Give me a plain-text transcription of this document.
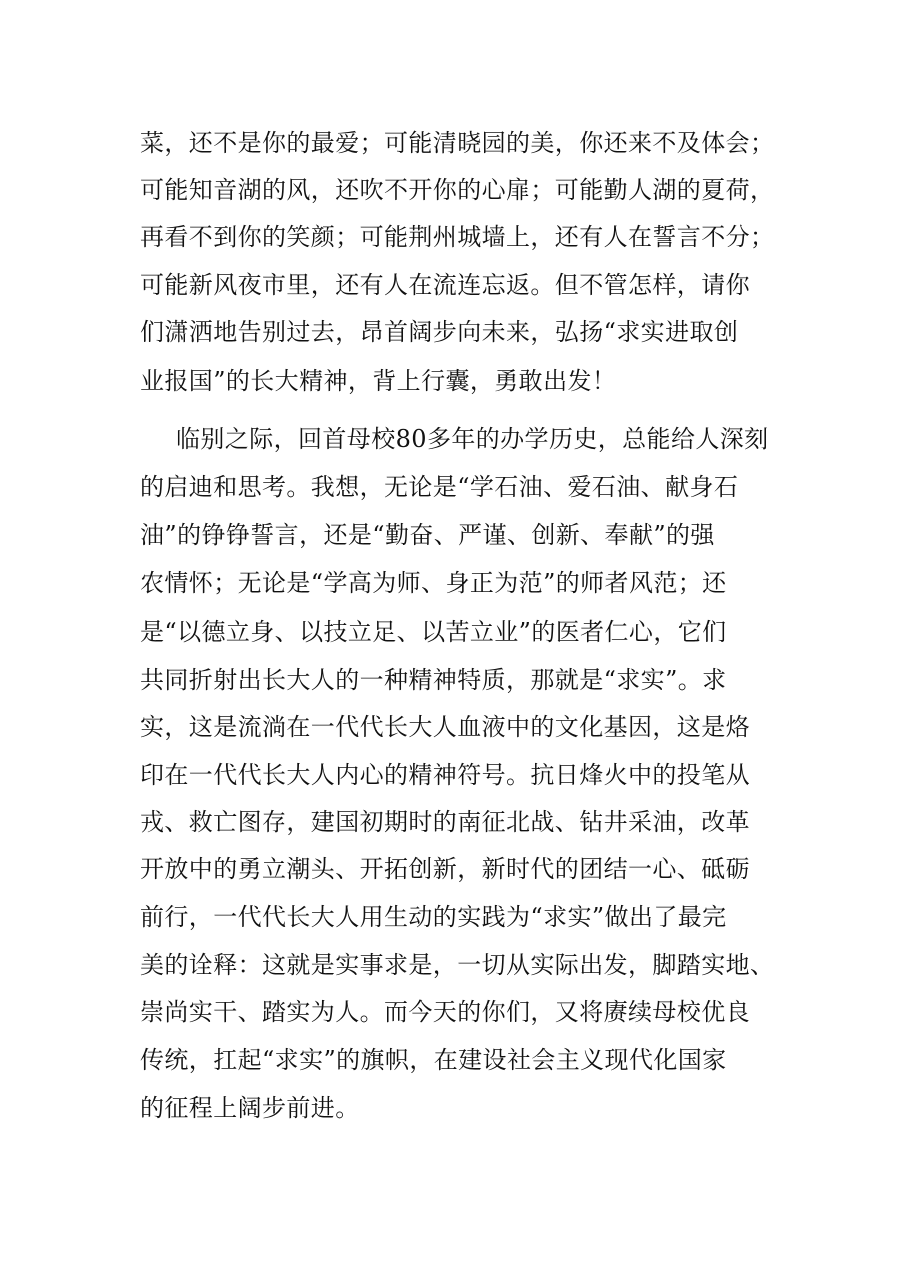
菜，还不是你的最爱；可能清晓园的美，你还来不及体会；
可能知音湖的风，还吹不开你的心扉；可能勤人湖的夏荷，
再看不到你的笑颜；可能荆州城墙上，还有人在誓言不分；
可能新风夜市里，还有人在流连忘返。但不管怎样，请你
们潇洒地告别过去，昂首阔步向未来，弘扬“求实进取创
业报国”的长大精神，背上行囊，勇敢出发！
临别之际，回首母校80多年的办学历史，总能给人深刻
的启迪和思考。我想，无论是“学石油、爱石油、献身石
油”的铮铮誓言，还是“勤奋、严谨、创新、奉献”的强
农情怀；无论是“学高为师、身正为范”的师者风范；还
是“以德立身、以技立足、以苦立业”的医者仁心，它们
共同折射出长大人的一种精神特质，那就是“求实”。求
实，这是流淌在一代代长大人血液中的文化基因，这是烙
印在一代代长大人内心的精神符号。抗日烽火中的投笔从
戎、救亡图存，建国初期时的南征北战、钻井采油，改革
开放中的勇立潮头、开拓创新，新时代的团结一心、砥砺
前行，一代代长大人用生动的实践为“求实”做出了最完
美的诠释：这就是实事求是，一切从实际出发，脚踏实地、
崇尚实干、踏实为人。而今天的你们，又将赓续母校优良
传统，扛起“求实”的旗帜，在建设社会主义现代化国家
的征程上阔步前进。
